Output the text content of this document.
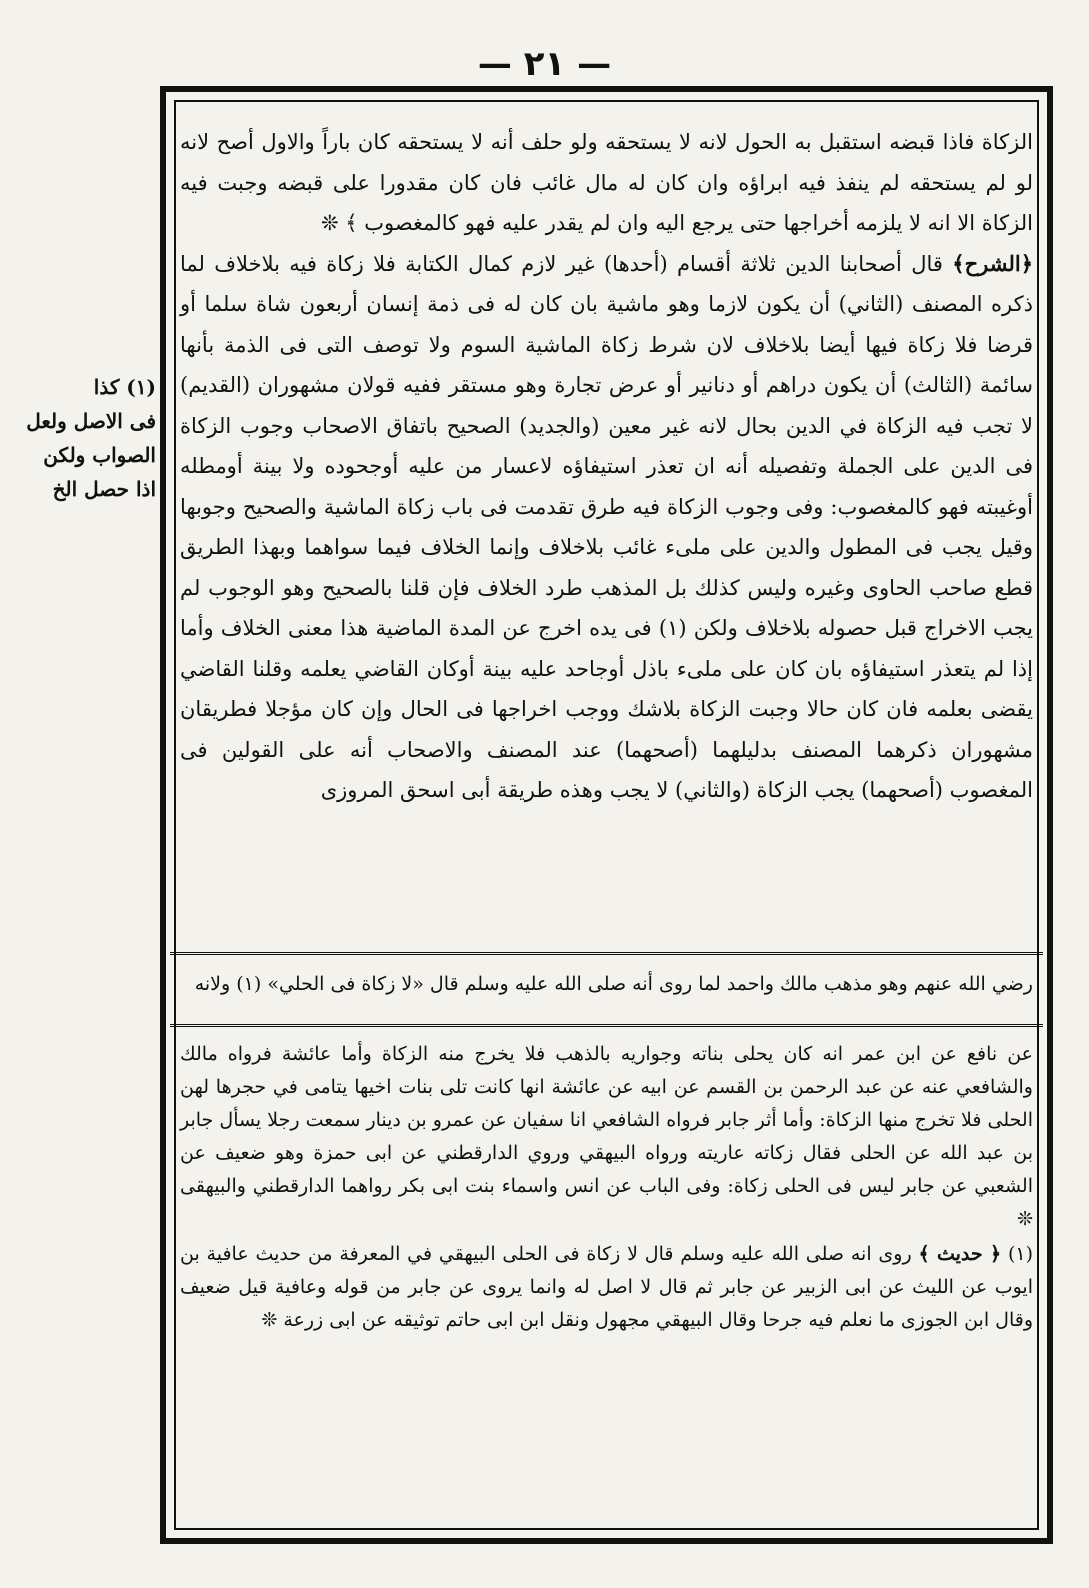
— ٢١ —
(١) كذا
فى الاصل ولعل
الصواب ولكن
اذا حصل الخ

الزكاة فاذا قبضه استقبل به الحول لانه لا يستحقه ولو حلف أنه لا يستحقه كان باراً والاول أصح لانه لو لم يستحقه لم ينفذ فيه ابراؤه وان كان له مال غائب فان كان مقدورا على قبضه وجبت فيه الزكاة الا انه لا يلزمه أخراجها حتى يرجع اليه وان لم يقدر عليه فهو كالمغصوب ﴾ ❊

﴿الشرح﴾ قال أصحابنا الدين ثلاثة أقسام (أحدها) غير لازم كمال الكتابة فلا زكاة فيه بلاخلاف لما ذكره المصنف (الثاني) أن يكون لازما وهو ماشية بان كان له فى ذمة إنسان أربعون شاة سلما أو قرضا فلا زكاة فيها أيضا بلاخلاف لان شرط زكاة الماشية السوم ولا توصف التى فى الذمة بأنها سائمة (الثالث) أن يكون دراهم أو دنانير أو عرض تجارة وهو مستقر ففيه قولان مشهوران (القديم) لا تجب فيه الزكاة في الدين بحال لانه غير معين (والجديد) الصحيح باتفاق الاصحاب وجوب الزكاة فى الدين على الجملة وتفصيله أنه ان تعذر استيفاؤه لاعسار من عليه أوجحوده ولا بينة أومطله أوغيبته فهو كالمغصوب: وفى وجوب الزكاة فيه طرق تقدمت فى باب زكاة الماشية والصحيح وجوبها وقيل يجب فى المطول والدين على ملىء غائب بلاخلاف وإنما الخلاف فيما سواهما وبهذا الطريق قطع صاحب الحاوى وغيره وليس كذلك بل المذهب طرد الخلاف فإن قلنا بالصحيح وهو الوجوب لم يجب الاخراج قبل حصوله بلاخلاف ولكن (١) فى يده اخرج عن المدة الماضية هذا معنى الخلاف وأما إذا لم يتعذر استيفاؤه بان كان على ملىء باذل أوجاحد عليه بينة أوكان القاضي يعلمه وقلنا القاضي يقضى بعلمه فان كان حالا وجبت الزكاة بلاشك ووجب اخراجها فى الحال وإن كان مؤجلا فطريقان مشهوران ذكرهما المصنف بدليلهما (أصحهما) عند المصنف والاصحاب أنه على القولين فى المغصوب (أصحهما) يجب الزكاة (والثاني) لا يجب وهذه طريقة أبى اسحق المروزى

رضي الله عنهم وهو مذهب مالك واحمد لما روى أنه صلى الله عليه وسلم قال «لا زكاة فى الحلي» (١) ولانه

عن نافع عن ابن عمر انه كان يحلى بناته وجواريه بالذهب فلا يخرج منه الزكاة وأما عائشة فرواه مالك والشافعي عنه عن عبد الرحمن بن القسم عن ابيه عن عائشة انها كانت تلى بنات اخيها يتامى في حجرها لهن الحلى فلا تخرج منها الزكاة: وأما أثر جابر فرواه الشافعي انا سفيان عن عمرو بن دينار سمعت رجلا يسأل جابر بن عبد الله عن الحلى فقال زكاته عاريته ورواه البيهقي وروي الدارقطني عن ابى حمزة وهو ضعيف عن الشعبي عن جابر ليس فى الحلى زكاة: وفى الباب عن انس واسماء بنت ابى بكر رواهما الدارقطني والبيهقى ❊

(١) ﴿ حديث ﴾ روى انه صلى الله عليه وسلم قال لا زكاة فى الحلى البيهقي في المعرفة من حديث عافية بن ايوب عن الليث عن ابى الزبير عن جابر ثم قال لا اصل له وانما يروى عن جابر من قوله وعافية قيل ضعيف وقال ابن الجوزى ما نعلم فيه جرحا وقال البيهقي مجهول ونقل ابن ابى حاتم توثيقه عن ابى زرعة ❊
